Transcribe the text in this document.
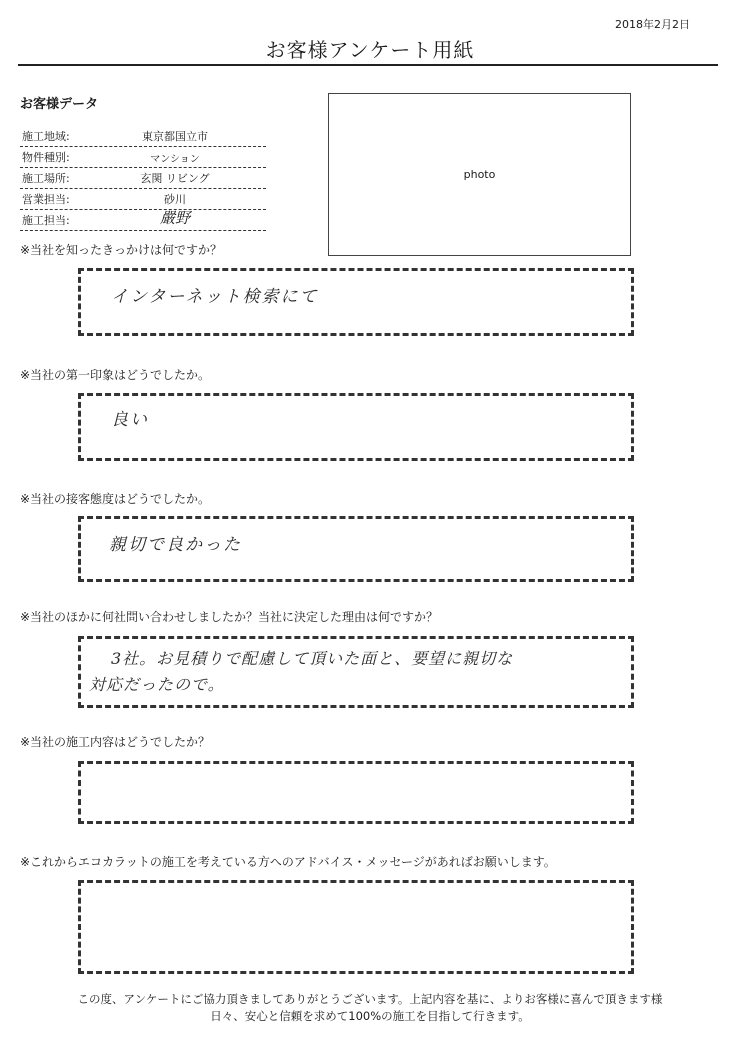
2018年2月2日
お客様アンケート用紙
お客様データ
施工地域:	東京都国立市
物件種別:	マンション
施工場所:	玄関 リビング
営業担当:	砂川
施工担当:	嚴野
photo
※当社を知ったきっかけは何ですか？
インターネット検索にて
※当社の第一印象はどうでしたか。
良い
※当社の接客態度はどうでしたか。
親切で良かった
※当社のほかに何社問い合わせしましたか？当社に決定した理由は何ですか？
3社。お見積りで配慮して頂いた面と、要望に親切な
対応だったので。
※当社の施工内容はどうでしたか？
※これからエコカラットの施工を考えている方へのアドバイス・メッセージがあればお願いします。
この度、アンケートにご協力頂きましてありがとうございます。上記内容を基に、よりお客様に喜んで頂きます様
日々、安心と信頼を求めて100%の施工を目指して行きます。
